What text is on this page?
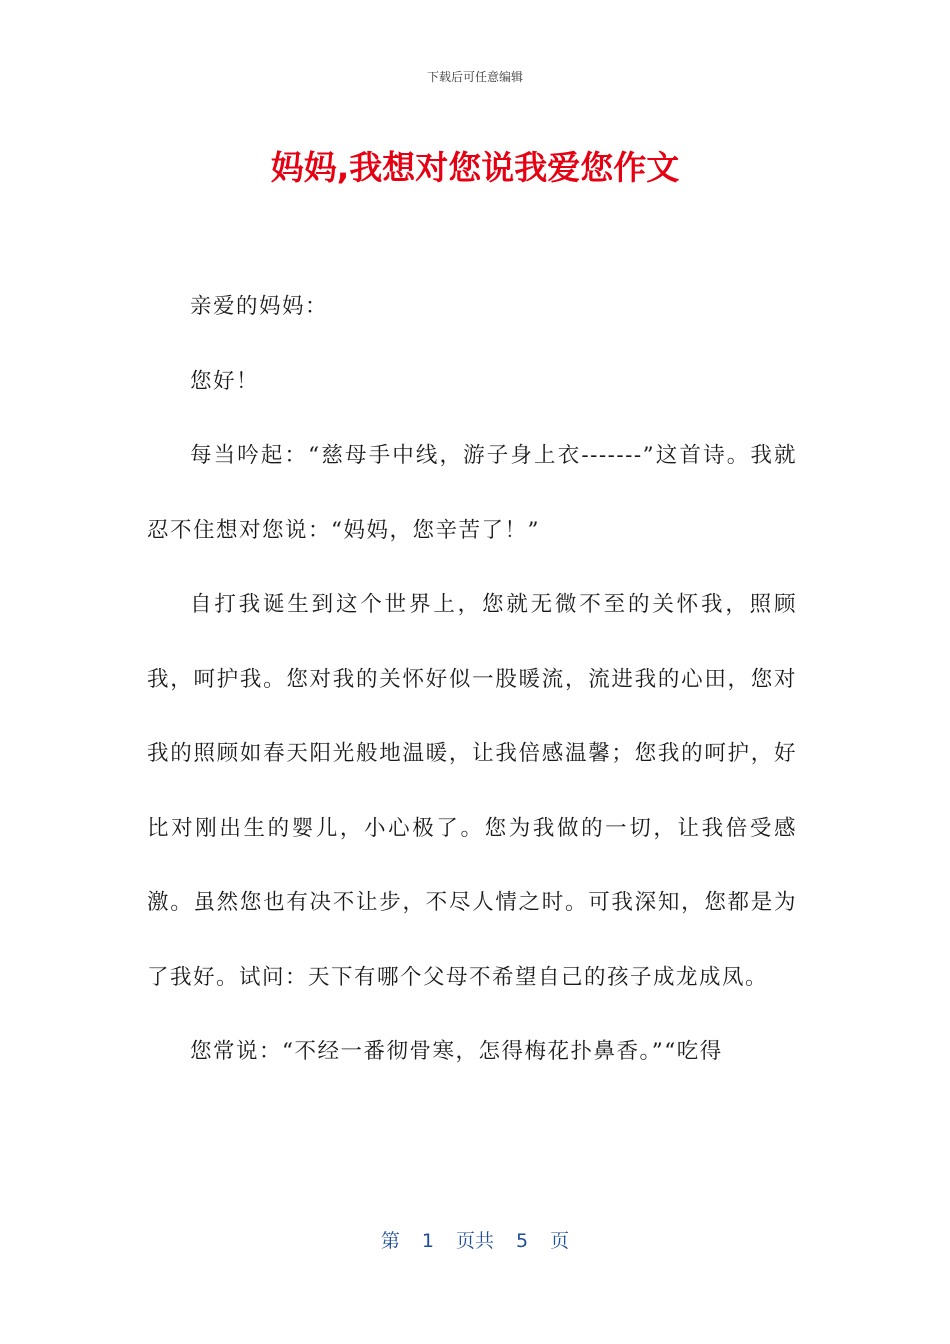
下载后可任意编辑
妈妈,我想对您说我爱您作文

亲爱的妈妈：

您好！

每当吟起：“慈母手中线，游子身上衣-------”这首诗。我就忍不住想对您说：“妈妈，您辛苦了！”

自打我诞生到这个世界上，您就无微不至的关怀我，照顾我，呵护我。您对我的关怀好似一股暖流，流进我的心田，您对我的照顾如春天阳光般地温暖，让我倍感温馨；您我的呵护，好比对刚出生的婴儿，小心极了。您为我做的一切，让我倍受感激。虽然您也有决不让步，不尽人情之时。可我深知，您都是为了我好。试问：天下有哪个父母不希望自己的孩子成龙成凤。

您常说：“不经一番彻骨寒，怎得梅花扑鼻香。”“吃得

第 1 页共 5 页
